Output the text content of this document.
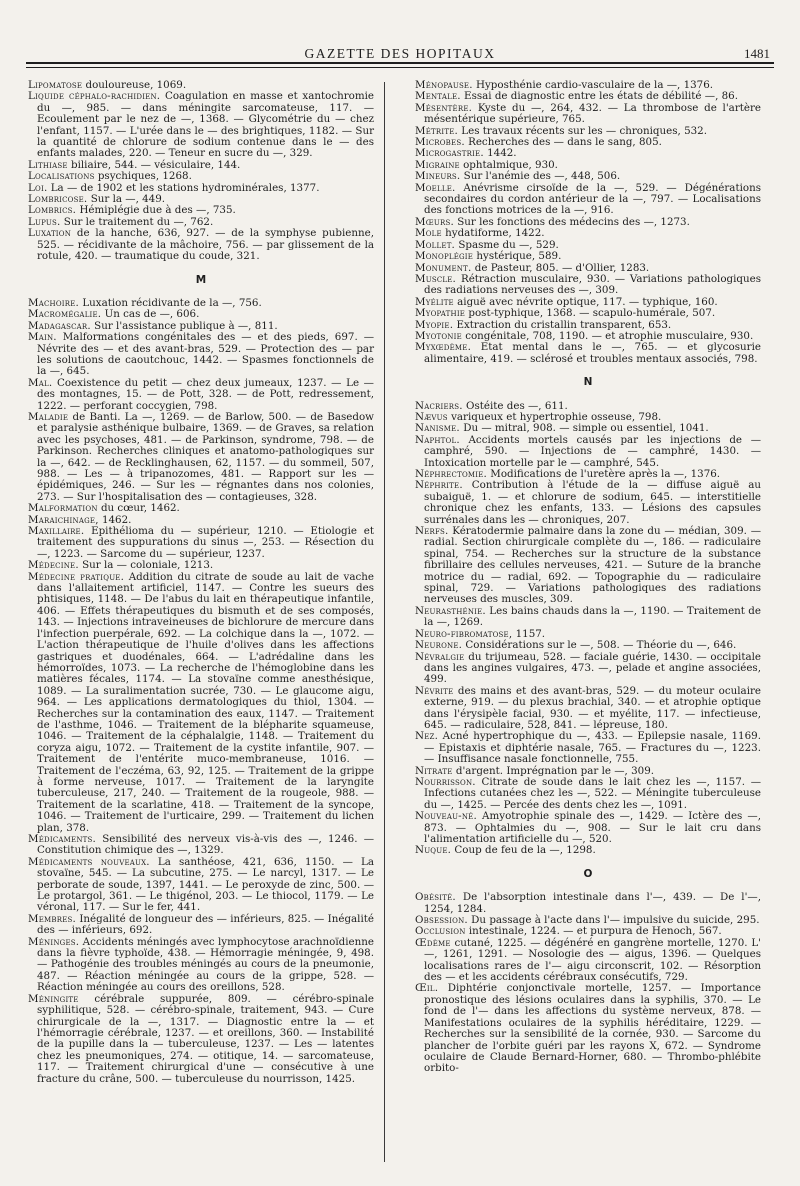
GAZETTE DES HOPITAUX	1481

Lipomatose douloureuse, 1069.

Liquide céphalo-rachidien. Coagulation en masse et xantochromie du —, 985. — dans méningite sarcomateuse, 117. — Ecoulement par le nez de —, 1368. — Glycométrie du — chez l'enfant, 1157. — L'urée dans le — des brightiques, 1182. — Sur la quantité de chlorure de sodium contenue dans le — des enfants malades, 220. — Teneur en sucre du —, 329.

Lithiase biliaire, 544. — vésiculaire, 144.

Localisations psychiques, 1268.

Loi. La — de 1902 et les stations hydrominérales, 1377.

Lombricose. Sur la —, 449.

Lombrics. Hémiplégie due à des —, 735.

Lupus. Sur le traitement du —, 762.

Luxation de la hanche, 636, 927. — de la symphyse pubienne, 525. — récidivante de la mâchoire, 756. — par glissement de la rotule, 420. — traumatique du coude, 321.

M

Machoire. Luxation récidivante de la —, 756.

Macromégalie. Un cas de —, 606.

Madagascar. Sur l'assistance publique à —, 811.

Main. Malformations congénitales des — et des pieds, 697. — Névrite des — et des avant-bras, 529. — Protection des — par les solutions de caoutchouc, 1442. — Spasmes fonctionnels de la —, 645.

Mal. Coexistence du petit — chez deux jumeaux, 1237. — Le — des montagnes, 15. — de Pott, 328. — de Pott, redressement, 1222. — perforant coccygien, 798.

Maladie de Banti. La —, 1269. — de Barlow, 500. — de Basedow et paralysie asthénique bulbaire, 1369. — de Graves, sa relation avec les psychoses, 481. — de Parkinson, syndrome, 798. — de Parkinson. Recherches cliniques et anatomo-pathologiques sur la —, 642. — de Recklinghausen, 62, 1157. — du sommeil, 507, 988. — Les — à tripanozomes, 481. — Rapport sur les — épidémiques, 246. — Sur les — régnantes dans nos colonies, 273. — Sur l'hospitalisation des — contagieuses, 328.

Malformation du cœur, 1462.

Maraichinage, 1462.

Maxillaire. Epithélioma du — supérieur, 1210. — Etiologie et traitement des suppurations du sinus —, 253. — Résection du —, 1223. — Sarcome du — supérieur, 1237.

Médecine. Sur la — coloniale, 1213.

Médecine pratique. Addition du citrate de soude au lait de vache dans l'allaitement artificiel, 1147. — Contre les sueurs des phtisiques, 1148. — De l'abus du lait en thérapeutique infantile, 406. — Effets thérapeutiques du bismuth et de ses composés, 143. — Injections intraveineuses de bichlorure de mercure dans l'infection puerpérale, 692. — La colchique dans la —, 1072. — L'action thérapeutique de l'huile d'olives dans les affections gastriques et duodénales, 664. — L'adrédaline dans les hémorroïdes, 1073. — La recherche de l'hémoglobine dans les matières fécales, 1174. — La stovaïne comme anesthésique, 1089. — La suralimentation sucrée, 730. — Le glaucome aigu, 964. — Les applications dermatologiques du thiol, 1304. — Recherches sur la contamination des eaux, 1147. — Traitement de l'asthme, 1046. — Traitement de la blépharite squameuse, 1046. — Traitement de la céphalalgie, 1148. — Traitement du coryza aigu, 1072. — Traitement de la cystite infantile, 907. — Traitement de l'entérite muco-membraneuse, 1016. — Traitement de l'eczéma, 63, 92, 125. — Traitement de la grippe à forme nerveuse, 1017. — Traitement de la laryngite tuberculeuse, 217, 240. — Traitement de la rougeole, 988. — Traitement de la scarlatine, 418. — Traitement de la syncope, 1046. — Traitement de l'urticaire, 299. — Traitement du lichen plan, 378.

Médicaments. Sensibilité des nerveux vis-à-vis des —, 1246. — Constitution chimique des —, 1329.

Médicaments nouveaux. La santhéose, 421, 636, 1150. — La stovaïne, 545. — La subcutine, 275. — Le narcyl, 1317. — Le perborate de soude, 1397, 1441. — Le peroxyde de zinc, 500. — Le protargol, 361. — Le thigénol, 203. — Le thiocol, 1179. — Le véronal, 117. — Sur le fer, 441.

Membres. Inégalité de longueur des — inférieurs, 825. — Inégalité des — inférieurs, 692.

Méninges. Accidents méningés avec lymphocytose arachnoïdienne dans la fièvre typhoïde, 438. — Hémorragie méningée, 9, 498. — Pathogénie des troubles méningés au cours de la pneumonie, 487. — Réaction méningée au cours de la grippe, 528. — Réaction méningée au cours des oreillons, 528.

Méningite cérébrale suppurée, 809. — cérébro-spinale syphilitique, 528. — cérébro-spinale, traitement, 943. — Cure chirurgicale de la —, 1317. — Diagnostic entre la — et l'hémorragie cérébrale, 1237. — et oreillons, 360. — Instabilité de la pupille dans la — tuberculeuse, 1237. — Les — latentes chez les pneumoniques, 274. — otitique, 14. — sarcomateuse, 117. — Traitement chirurgical d'une — consécutive à une fracture du crâne, 500. — tuberculeuse du nourrisson, 1425.

Ménopause. Hyposthénie cardio-vasculaire de la —, 1376.

Mentale. Essai de diagnostic entre les états de débilité —, 86.

Mésentère. Kyste du —, 264, 432. — La thrombose de l'artère mésentérique supérieure, 765.

Métrite. Les travaux récents sur les — chroniques, 532.

Microbes. Recherches des — dans le sang, 805.

Microgastrie. 1442.

Migraine ophtalmique, 930.

Mineurs. Sur l'anémie des —, 448, 506.

Moelle. Anévrisme cirsoïde de la —, 529. — Dégénérations secondaires du cordon antérieur de la —, 797. — Localisations des fonctions motrices de la —, 916.

Mœurs. Sur les fonctions des médecins des —, 1273.

Mole hydatiforme, 1422.

Mollet. Spasme du —, 529.

Monoplégie hystérique, 589.

Monument. de Pasteur, 805. — d'Ollier, 1283.

Muscle. Rétraction musculaire, 930. — Variations pathologiques des radiations nerveuses des —, 309.

Myélite aiguë avec névrite optique, 117. — typhique, 160.

Myopathie post-typhique, 1368. — scapulo-humérale, 507.

Myopie. Extraction du cristallin transparent, 653.

Myotonie congénitale, 708, 1190. — et atrophie musculaire, 930.

Myxœdème. Etat mental dans le —, 765. — et glycosurie alimentaire, 419. — sclérosé et troubles mentaux associés, 798.

N

Nacriers. Ostéite des —, 611.

Nævus variqueux et hypertrophie osseuse, 798.

Nanisme. Du — mitral, 908. — simple ou essentiel, 1041.

Naphtol. Accidents mortels causés par les injections de — camphré, 590. — Injections de — camphré, 1430. — Intoxication mortelle par le — camphré, 545.

Néphrectomie. Modifications de l'uretère après la —, 1376.

Néphrite. Contribution à l'étude de la — diffuse aiguë au subaiguë, 1. — et chlorure de sodium, 645. — interstitielle chronique chez les enfants, 133. — Lésions des capsules surrénales dans les — chroniques, 207.

Nerfs. Kératodermie palmaire dans la zone du — médian, 309. — radial. Section chirurgicale complète du —, 186. — radiculaire spinal, 754. — Recherches sur la structure de la substance fibrillaire des cellules nerveuses, 421. — Suture de la branche motrice du — radial, 692. — Topographie du — radiculaire spinal, 729. — Variations pathologiques des radiations nerveuses des muscles, 309.

Neurasthénie. Les bains chauds dans la —, 1190. — Traitement de la —, 1269.

Neuro-fibromatose, 1157.

Neurone. Considérations sur le —, 508. — Théorie du —, 646.

Névralgie du trijumeau, 528. — faciale guérie, 1430. — occipitale dans les angines vulgaires, 473. —, pelade et angine associées, 499.

Névrite des mains et des avant-bras, 529. — du moteur oculaire externe, 919. — du plexus brachial, 340. — et atrophie optique dans l'érysipèle facial, 930. — et myélite, 117. — infectieuse, 645. — radiculaire, 528, 841. — lépreuse, 180.

Nez. Acné hypertrophique du —, 433. — Epilepsie nasale, 1169. — Epistaxis et diphtérie nasale, 765. — Fractures du —, 1223. — Insuffisance nasale fonctionnelle, 755.

Nitrate d'argent. Imprégnation par le —, 309.

Nourrisson. Citrate de soude dans le lait chez les —, 1157. — Infections cutanées chez les —, 522. — Méningite tuberculeuse du —, 1425. — Percée des dents chez les —, 1091.

Nouveau-né. Amyotrophie spinale des —, 1429. — Ictère des —, 873. — Ophtalmies du —, 908. — Sur le lait cru dans l'alimentation artificielle du —, 520.

Nuque. Coup de feu de la —, 1298.

O

Obésité. De l'absorption intestinale dans l'—, 439. — De l'—, 1254, 1284.

Obsession. Du passage à l'acte dans l'— impulsive du suicide, 295.

Occlusion intestinale, 1224. — et purpura de Henoch, 567.

Œdème cutané, 1225. — dégénéré en gangrène mortelle, 1270. L' —, 1261, 1291. — Nosologie des — aigus, 1396. — Quelques localisations rares de l'— aigu circonscrit, 102. — Résorption des — et les accidents cérébraux consécutifs, 729.

Œil. Diphtérie conjonctivale mortelle, 1257. — Importance pronostique des lésions oculaires dans la syphilis, 370. — Le fond de l'— dans les affections du système nerveux, 878. — Manifestations oculaires de la syphilis héréditaire, 1229. — Recherches sur la sensibilité de la cornée, 930. — Sarcome du plancher de l'orbite guéri par les rayons X, 672. — Syndrome oculaire de Claude Bernard-Horner, 680. — Thrombo-phlébite orbito-
